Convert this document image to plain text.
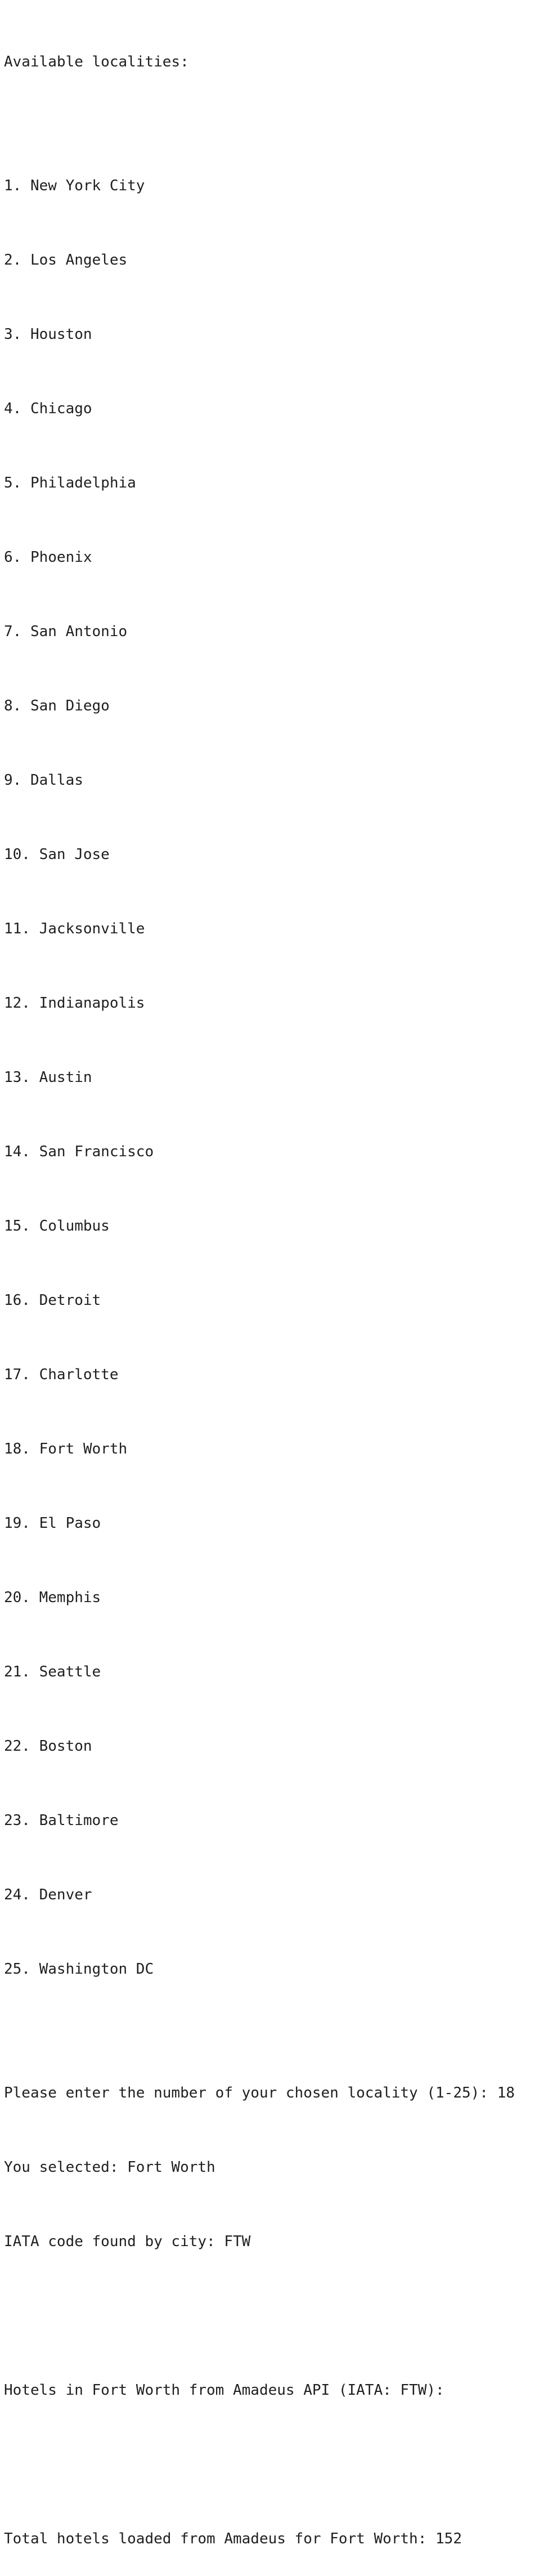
Available localities:

1. New York City

2. Los Angeles

3. Houston

4. Chicago

5. Philadelphia

6. Phoenix

7. San Antonio

8. San Diego

9. Dallas

10. San Jose

11. Jacksonville

12. Indianapolis

13. Austin

14. San Francisco

15. Columbus

16. Detroit

17. Charlotte

18. Fort Worth

19. El Paso

20. Memphis

21. Seattle

22. Boston

23. Baltimore

24. Denver

25. Washington DC

Please enter the number of your chosen locality (1-25): 18

You selected: Fort Worth

IATA code found by city: FTW

Hotels in Fort Worth from Amadeus API (IATA: FTW):

Total hotels loaded from Amadeus for Fort Worth: 152
